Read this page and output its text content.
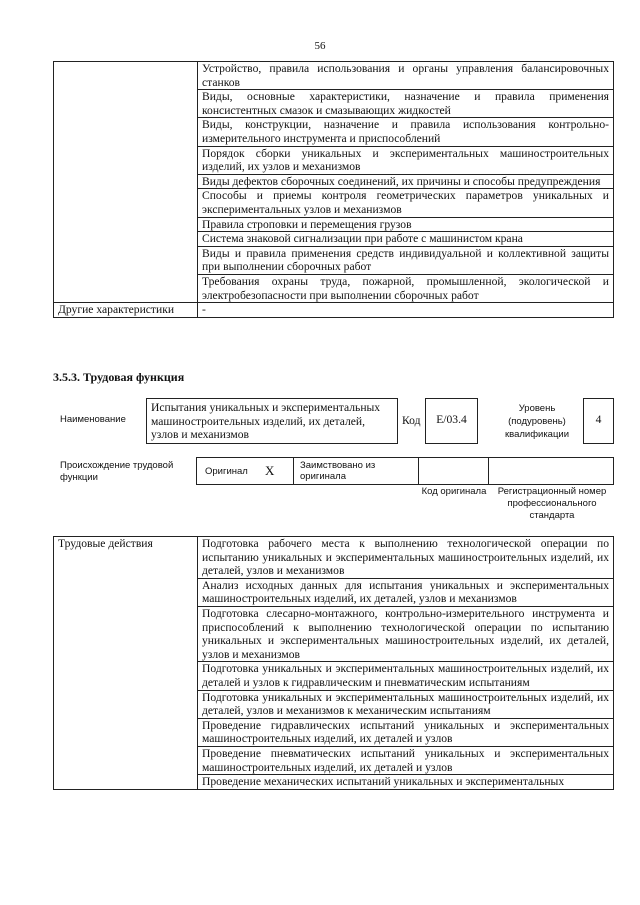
56
	Устройство, правила использования и органы управления балансировочных станков
	Виды, основные характеристики, назначение и правила применения консистентных смазок и смазывающих жидкостей
	Виды, конструкции, назначение и правила использования контрольно-измерительного инструмента и приспособлений
	Порядок сборки уникальных и экспериментальных машиностроительных изделий, их узлов и механизмов
	Виды дефектов сборочных соединений, их причины и способы предупреждения
	Способы и приемы контроля геометрических параметров уникальных и экспериментальных узлов и механизмов
	Правила строповки и перемещения грузов
	Система знаковой сигнализации при работе с машинистом крана
	Виды и правила применения средств индивидуальной и коллективной защиты при выполнении сборочных работ
	Требования охраны труда, пожарной, промышленной, экологической и электробезопасности при выполнении сборочных работ
Другие характеристики	-
3.5.3. Трудовая функция
Наименование
Испытания уникальных и экспериментальных машиностроительных изделий, их деталей, узлов и механизмов
Код	E/03.4
Уровень (подуровень) квалификации
4
Происхождение трудовой функции
Оригинал X	Заимствовано из оригинала
Код оригинала	Регистрационный номер профессионального стандарта
Трудовые действия	Подготовка рабочего места к выполнению технологической операции по испытанию уникальных и экспериментальных машиностроительных изделий, их деталей, узлов и механизмов
Анализ исходных данных для испытания уникальных и экспериментальных машиностроительных изделий, их деталей, узлов и механизмов
Подготовка слесарно-монтажного, контрольно-измерительного инструмента и приспособлений к выполнению технологической операции по испытанию уникальных и экспериментальных машиностроительных изделий, их деталей, узлов и механизмов
Подготовка уникальных и экспериментальных машиностроительных изделий, их деталей и узлов к гидравлическим и пневматическим испытаниям
Подготовка уникальных и экспериментальных машиностроительных изделий, их деталей, узлов и механизмов к механическим испытаниям
Проведение гидравлических испытаний уникальных и экспериментальных машиностроительных изделий, их деталей и узлов
Проведение пневматических испытаний уникальных и экспериментальных машиностроительных изделий, их деталей и узлов
Проведение механических испытаний уникальных и экспериментальных
